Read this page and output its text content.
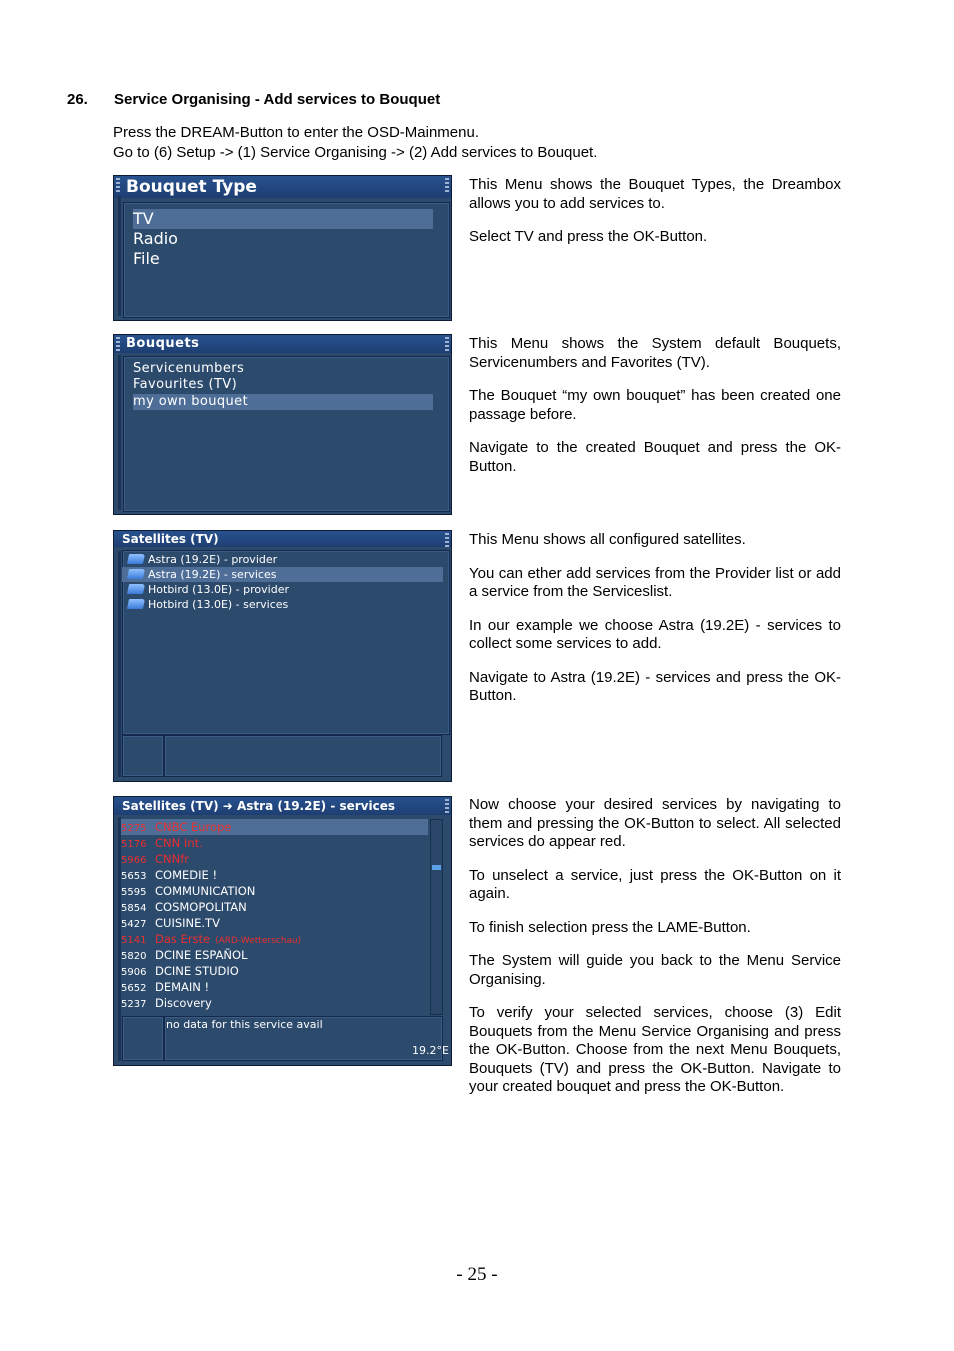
26. Service Organising - Add services to Bouquet
Press the DREAM-Button to enter the OSD-Mainmenu.
Go to (6) Setup -> (1) Service Organising -> (2) Add services to Bouquet.
Bouquet Type
TV
Radio
File

This Menu shows the Bouquet Types, the Dreambox allows you to add services to.

Select TV and press the OK-Button.

Bouquets
Servicenumbers
Favourites (TV)
my own bouquet

This Menu shows the System default Bouquets, Servicenumbers and Favorites (TV).

The Bouquet “my own bouquet” has been created one passage before.

Navigate to the created Bouquet and press the OK-Button.

Satellites (TV)
Astra (19.2E) - provider
Astra (19.2E) - services
Hotbird (13.0E) - provider
Hotbird (13.0E) - services

This Menu shows all configured satellites.

You can ether add services from the Provider list or add a service from the Serviceslist.

In our example we choose Astra (19.2E) - services to collect some services to add.

Navigate to Astra (19.2E) - services and press the OK-Button.

Satellites (TV) ➜ Astra (19.2E) - services
5275 CNBC Europe
5176 CNN Int.
5966 CNNfr
5653 COMEDIE !
5595 COMMUNICATION
5854 COSMOPOLITAN
5427 CUISINE.TV
5141 Das Erste (ARD-Wetterschau)
5820 DCINE ESPAÑOL
5906 DCINE STUDIO
5652 DEMAIN !
5237 Discovery
no data for this service avail
19.2°E

Now choose your desired services by navigating to them and pressing the OK-Button to select. All selected services do appear red.

To unselect a service, just press the OK-Button on it again.

To finish selection press the LAME-Button.

The System will guide you back to the Menu Service Organising.

To verify your selected services, choose (3) Edit Bouquets from the Menu Service Organising and press the OK-Button. Choose from the next Menu Bouquets, Bouquets (TV) and press the OK-Button. Navigate to your created bouquet and press the OK-Button.

- 25 -
